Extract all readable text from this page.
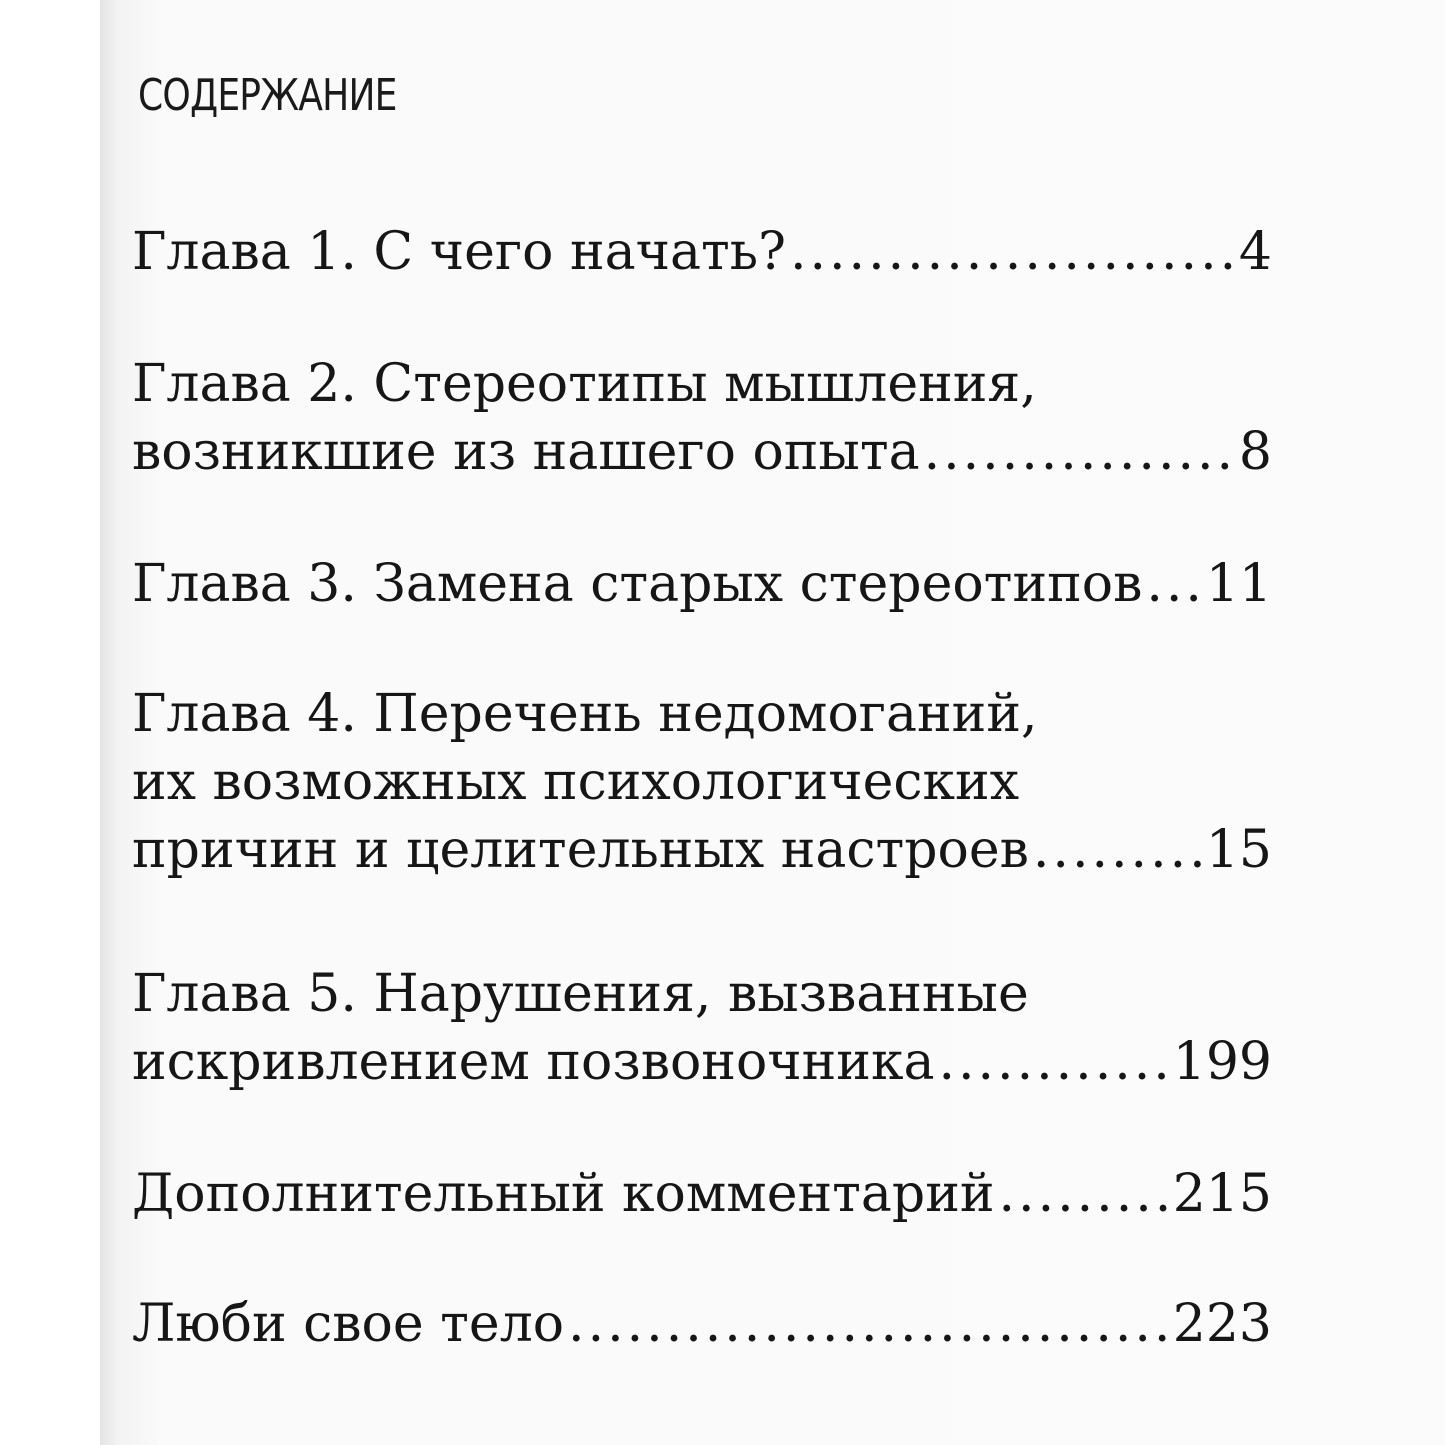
СОДЕРЖАНИЕ
Глава 1. С чего начать? .....	4
Глава 2. Стереотипы мышления,
возникшие из нашего опыта .....	8
Глава 3. Замена старых стереотипов ..... 11
Глава 4. Перечень недомоганий,
их возможных психологических
причин и целительных настроев .....	15
Глава 5. Нарушения, вызванные
искривлением позвоночника .....	199
Дополнительный комментарий .....	215
Люби свое тело .....	223
